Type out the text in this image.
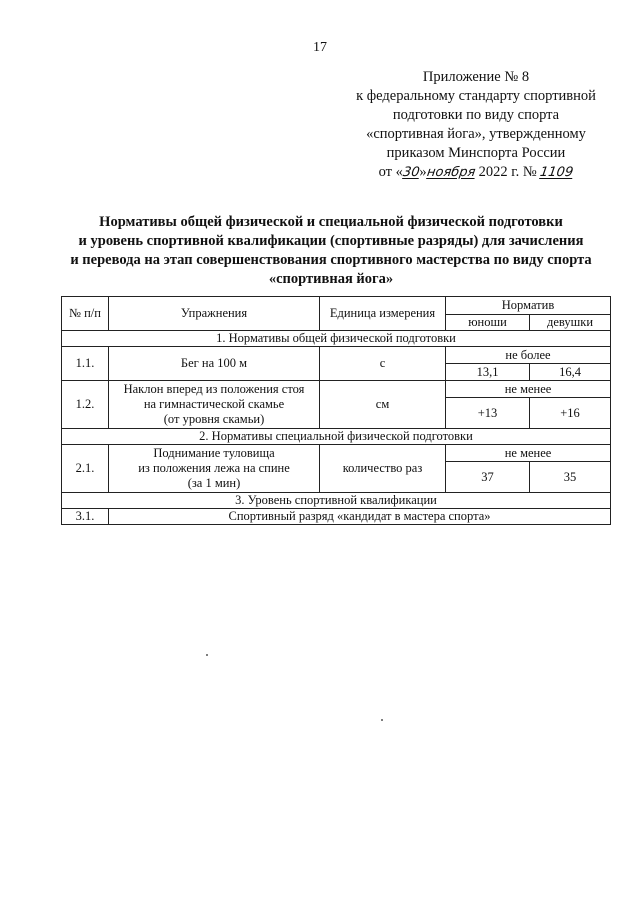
17
Приложение № 8
к федеральному стандарту спортивной
подготовки по виду спорта
«спортивная йога», утвержденному
приказом Минспорта России
от «30»ноября 2022 г. № 1109
Нормативы общей физической и специальной физической подготовки
и уровень спортивной квалификации (спортивные разряды) для зачисления
и перевода на этап совершенствования спортивного мастерства по виду спорта
«спортивная йога»
№ п/п	Упражнения	Единица измерения	Норматив	
			юноши	девушки
1. Нормативы общей физической подготовки				
1.1.	Бег на 100 м	с	не более	
			13,1	16,4
1.2.	Наклон вперед из положения стоя
на гимнастической скамье
(от уровня скамьи)	см	не менее	
			+13	+16
2. Нормативы специальной физической подготовки				
2.1.	Поднимание туловища
из положения лежа на спине
(за 1 мин)	количество раз	не менее	
			37	35
3. Уровень спортивной квалификации				
3.1.	Спортивный разряд «кандидат в мастера спорта»			
